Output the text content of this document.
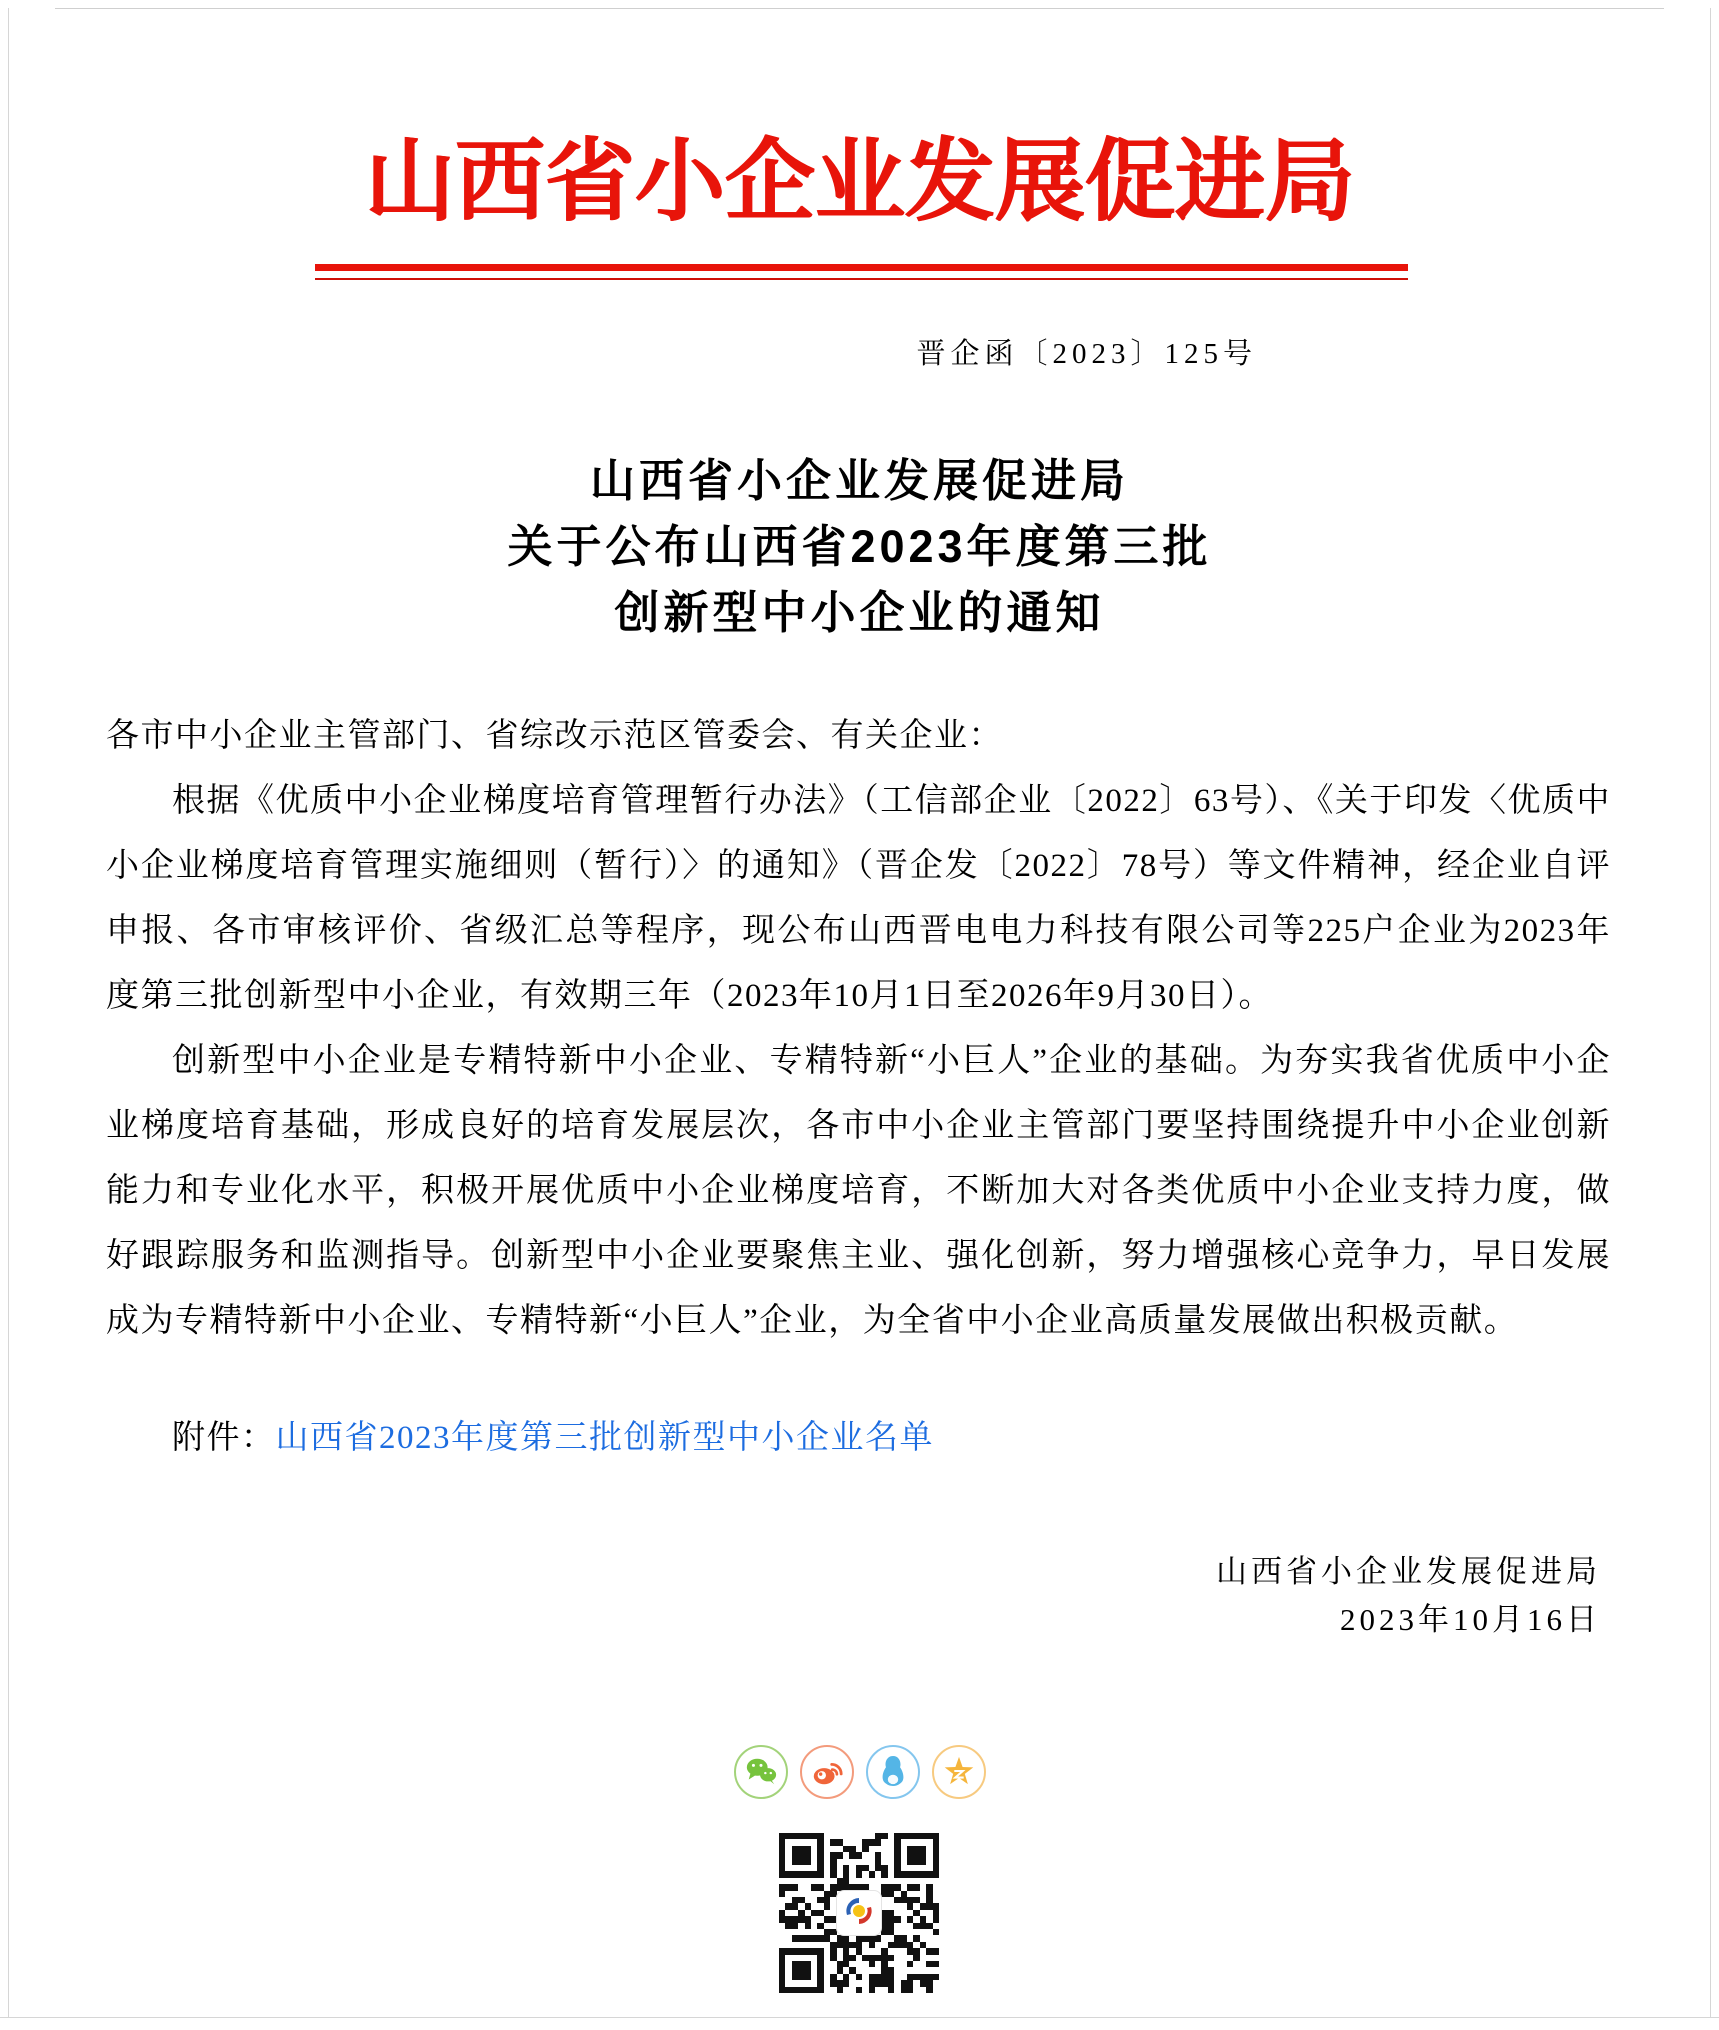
山西省小企业发展促进局
晋企函〔2023〕125号
山西省小企业发展促进局
关于公布山西省2023年度第三批
创新型中小企业的通知

各市中小企业主管部门、省综改示范区管委会、有关企业：

根据《优质中小企业梯度培育管理暂行办法》（工信部企业〔2022〕63号）、《关于印发〈优质中小企业梯度培育管理实施细则（暂行）〉的通知》（晋企发〔2022〕78号）等文件精神，经企业自评申报、各市审核评价、省级汇总等程序，现公布山西晋电电力科技有限公司等225户企业为2023年度第三批创新型中小企业，有效期三年（2023年10月1日至2026年9月30日）。

创新型中小企业是专精特新中小企业、专精特新“小巨人”企业的基础。为夯实我省优质中小企业梯度培育基础，形成良好的培育发展层次，各市中小企业主管部门要坚持围绕提升中小企业创新能力和专业化水平，积极开展优质中小企业梯度培育，不断加大对各类优质中小企业支持力度，做好跟踪服务和监测指导。创新型中小企业要聚焦主业、强化创新，努力增强核心竞争力，早日发展成为专精特新中小企业、专精特新“小巨人”企业，为全省中小企业高质量发展做出积极贡献。

附件：山西省2023年度第三批创新型中小企业名单
山西省小企业发展促进局
2023年10月16日
